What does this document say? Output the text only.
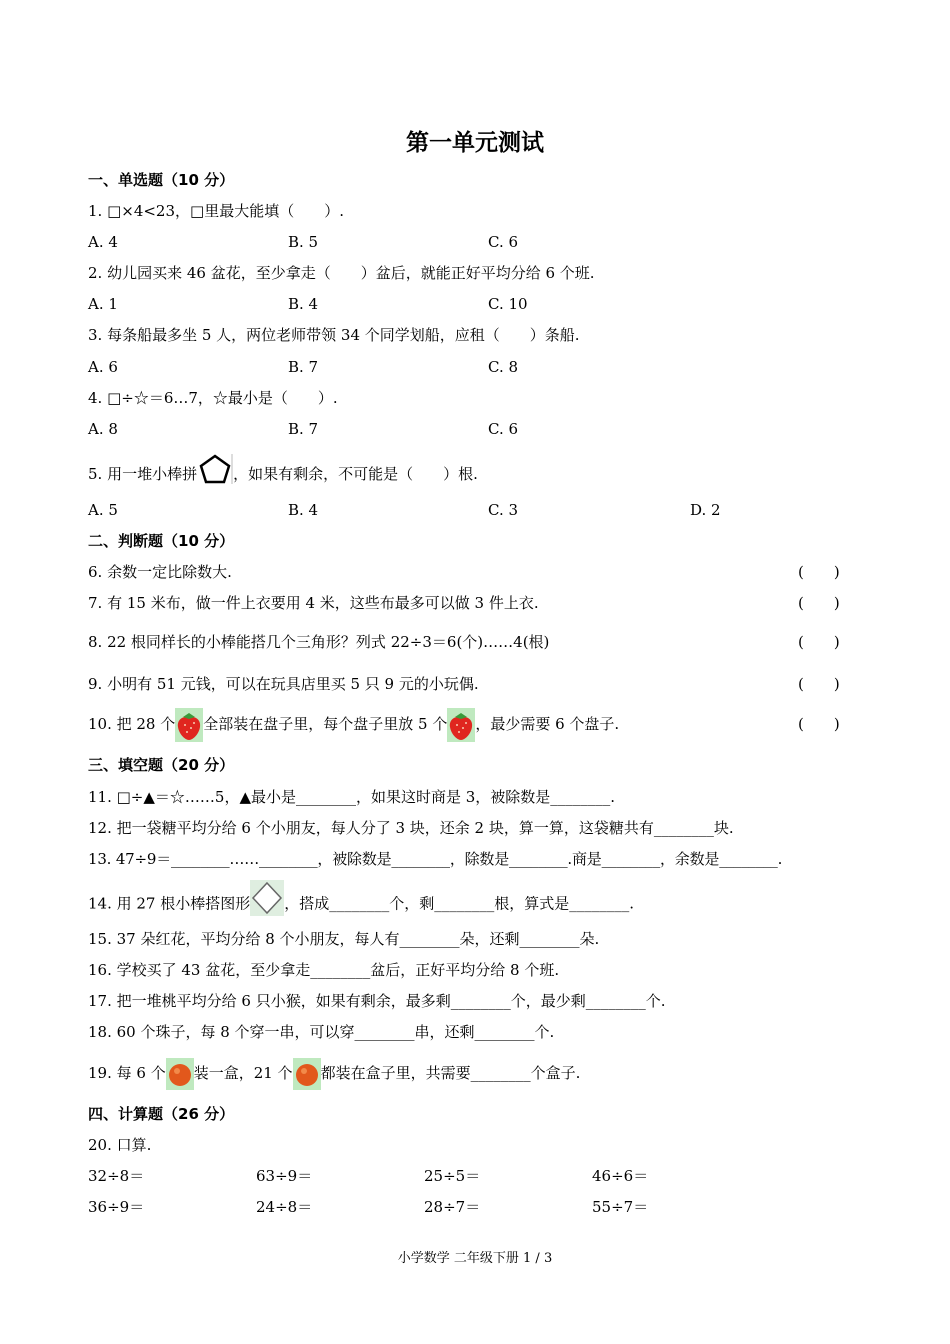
第一单元测试
一、单选题（10 分）
1. □×4<23，□里最大能填（　　）.
A. 4	B. 5	C. 6
2. 幼儿园买来 46 盆花，至少拿走（　　）盆后，就能正好平均分给 6 个班.
A. 1	B. 4	C. 10
3. 每条船最多坐 5 人，两位老师带领 34 个同学划船，应租（　　）条船.
A. 6	B. 7	C. 8
4. □÷☆＝6…7，☆最小是（　　）.
A. 8	B. 7	C. 6
5. 用一堆小棒拼 ，如果有剩余，不可能是（　　）根.
A. 5	B. 4	C. 3	D. 2
二、判断题（10 分）
6. 余数一定比除数大.	(　　)
7. 有 15 米布，做一件上衣要用 4 米，这些布最多可以做 3 件上衣.	(　　)
8. 22 根同样长的小棒能搭几个三角形？列式 22÷3＝6(个)……4(根)	(　　)
9. 小明有 51 元钱，可以在玩具店里买 5 只 9 元的小玩偶.	(　　)
10. 把 28 个 全部装在盘子里，每个盘子里放 5 个 ，最少需要 6 个盘子.	(　　)
三、填空题（20 分）
11. □÷▲＝☆……5，▲最小是________，如果这时商是 3，被除数是________.
12. 把一袋糖平均分给 6 个小朋友，每人分了 3 块，还余 2 块，算一算，这袋糖共有________块.
13. 47÷9＝________……________，被除数是________，除数是________.商是________，余数是________.
14. 用 27 根小棒搭图形 ，搭成________个，剩________根，算式是________.
15. 37 朵红花，平均分给 8 个小朋友，每人有________朵，还剩________朵.
16. 学校买了 43 盆花，至少拿走________盆后，正好平均分给 8 个班.
17. 把一堆桃平均分给 6 只小猴，如果有剩余，最多剩________个，最少剩________个.
18. 60 个珠子，每 8 个穿一串，可以穿________串，还剩________个.
19. 每 6 个 装一盒，21 个 都装在盒子里，共需要________个盒子.
四、计算题（26 分）
20. 口算.
32÷8＝	63÷9＝	25÷5＝	46÷6＝
36÷9＝	24÷8＝	28÷7＝	55÷7＝
小学数学 二年级下册 1 / 3
